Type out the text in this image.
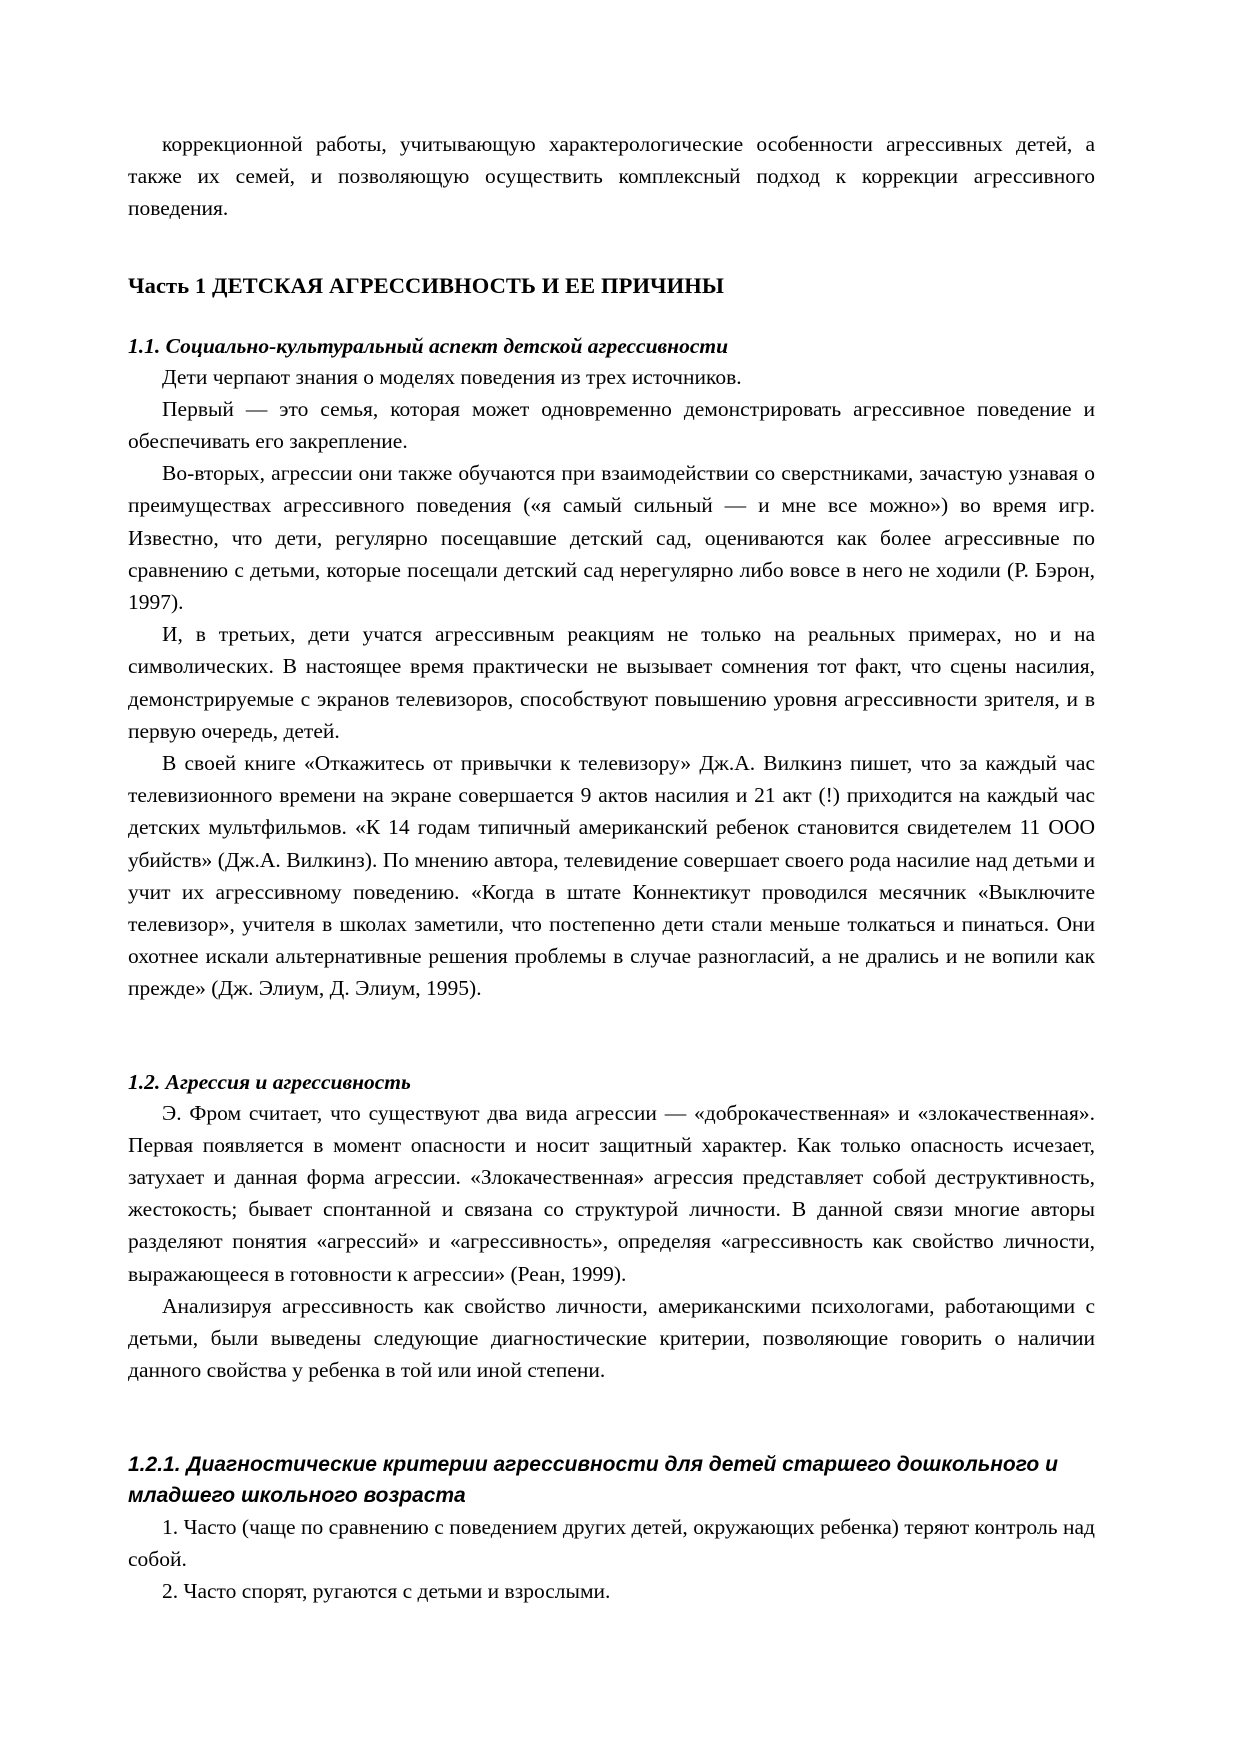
коррекционной работы, учитывающую характерологические особенности агрессивных детей, а также их семей, и позволяющую осуществить комплексный подход к коррекции агрессивного поведения.

Часть 1 ДЕТСКАЯ АГРЕССИВНОСТЬ И ЕЕ ПРИЧИНЫ
1.1. Социально-культуральный аспект детской агрессивности

Дети черпают знания о моделях поведения из трех источников.

Первый — это семья, которая может одновременно демонстрировать агрессивное поведение и обеспечивать его закрепление.

Во-вторых, агрессии они также обучаются при взаимодействии со сверстниками, зачастую узнавая о преимуществах агрессивного поведения («я самый сильный — и мне все можно») во время игр. Известно, что дети, регулярно посещавшие детский сад, оцениваются как более агрессивные по сравнению с детьми, которые посещали детский сад нерегулярно либо вовсе в него не ходили (Р. Бэрон, 1997).

И, в третьих, дети учатся агрессивным реакциям не только на реальных примерах, но и на символических. В настоящее время практически не вызывает сомнения тот факт, что сцены насилия, демонстрируемые с экранов телевизоров, способствуют повышению уровня агрессивности зрителя, и в первую очередь, детей.

В своей книге «Откажитесь от привычки к телевизору» Дж.А. Вилкинз пишет, что за каждый час телевизионного времени на экране совершается 9 актов насилия и 21 акт (!) приходится на каждый час детских мультфильмов. «К 14 годам типичный американский ребенок становится свидетелем 11 ООО убийств» (Дж.А. Вилкинз). По мнению автора, телевидение совершает своего рода насилие над детьми и учит их агрессивному поведению. «Когда в штате Коннектикут проводился месячник «Выключите телевизор», учителя в школах заметили, что постепенно дети стали меньше толкаться и пинаться. Они охотнее искали альтернативные решения проблемы в случае разногласий, а не дрались и не вопили как прежде» (Дж. Элиум, Д. Элиум, 1995).

1.2. Агрессия и агрессивность

Э. Фром считает, что существуют два вида агрессии — «доброкачественная» и «злокачественная». Первая появляется в момент опасности и носит защитный характер. Как только опасность исчезает, затухает и данная форма агрессии. «Злокачественная» агрессия представляет собой деструктивность, жестокость; бывает спонтанной и связана со структурой личности. В данной связи многие авторы разделяют понятия «агрессий» и «агрессивность», определяя «агрессивность как свойство личности, выражающееся в готовности к агрессии» (Реан, 1999).

Анализируя агрессивность как свойство личности, американскими психологами, работающими с детьми, были выведены следующие диагностические критерии, позволяющие говорить о наличии данного свойства у ребенка в той или иной степени.

1.2.1. Диагностические критерии агрессивности для детей старшего дошкольного и младшего школьного возраста

1. Часто (чаще по сравнению с поведением других детей, окружающих ребенка) теряют контроль над собой.

2. Часто спорят, ругаются с детьми и взрослыми.
